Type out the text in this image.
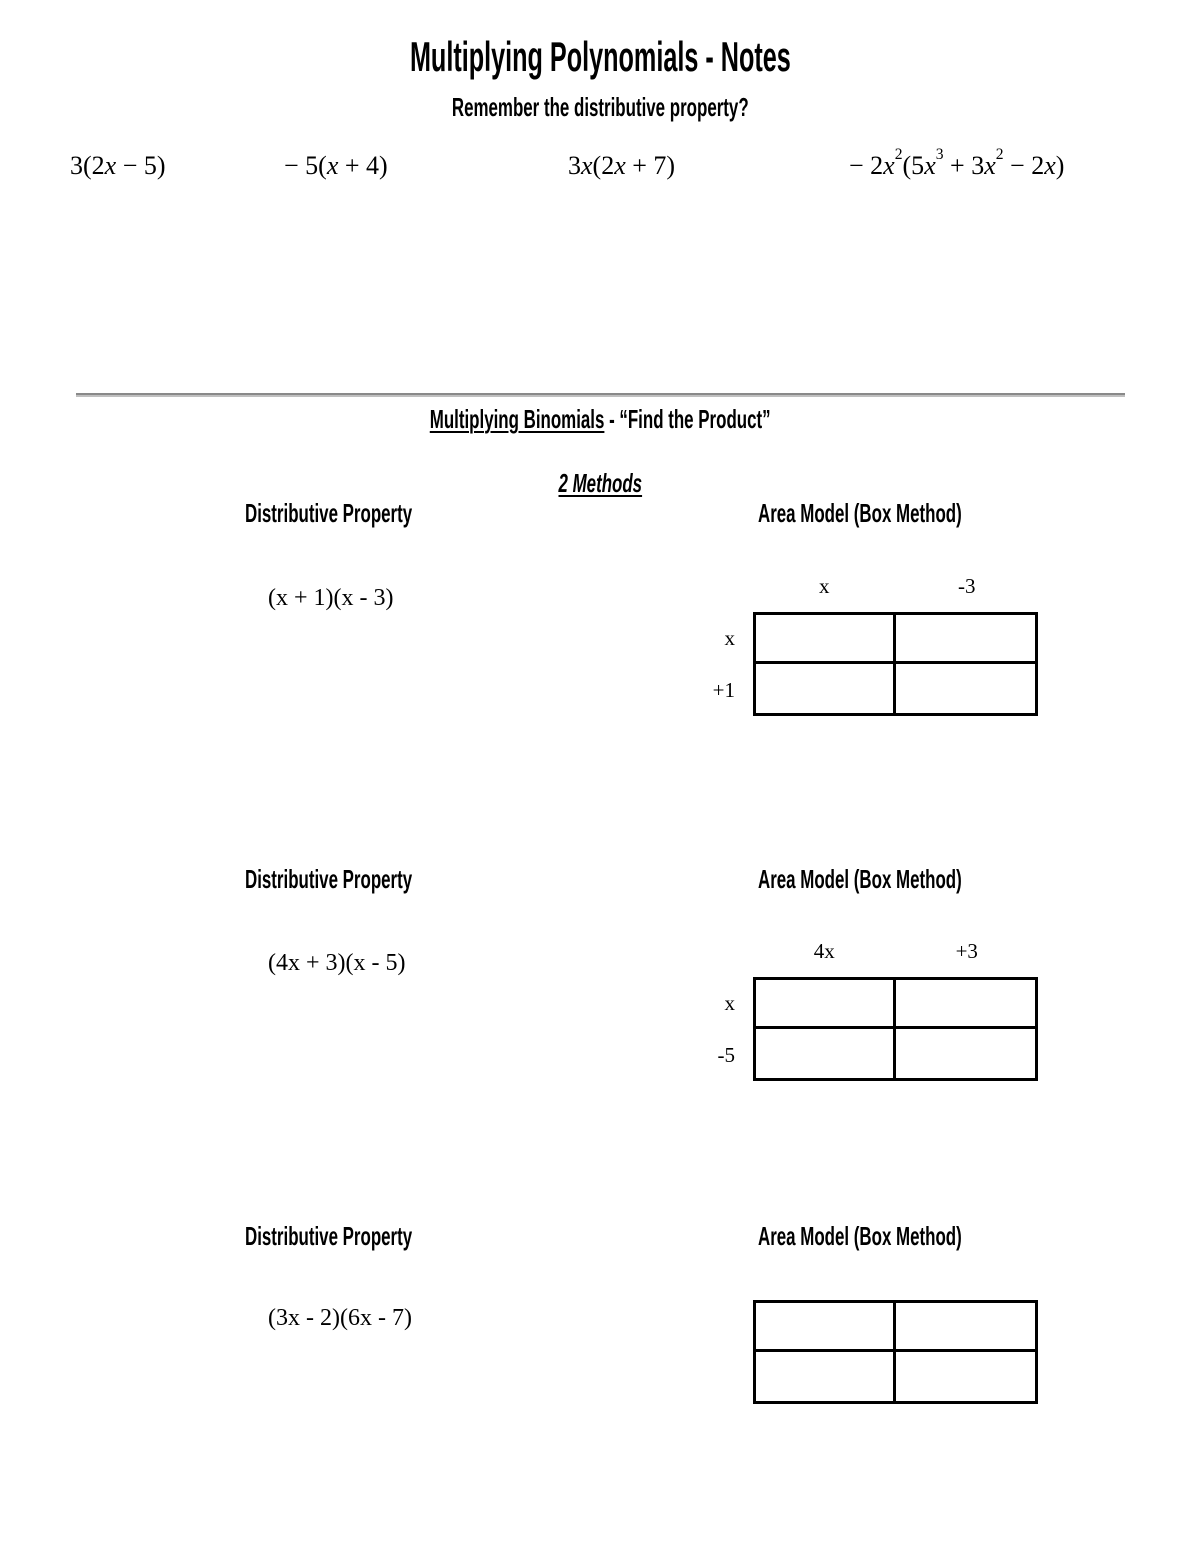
Multiplying Polynomials - Notes
Remember the distributive property?
3(2x − 5)	− 5(x + 4)	3x(2x + 7)	− $2x^2(5x^3 + 3x^2 - 2x)$
Multiplying Binomials - “Find the Product”
2 Methods
Distributive Property	Area Model (Box Method)
(x + 1)(x - 3)	x	-3
x
+1
Distributive Property	Area Model (Box Method)
(4x + 3)(x - 5)	4x	+3
x
-5
Distributive Property	Area Model (Box Method)
(3x - 2)(6x - 7)
